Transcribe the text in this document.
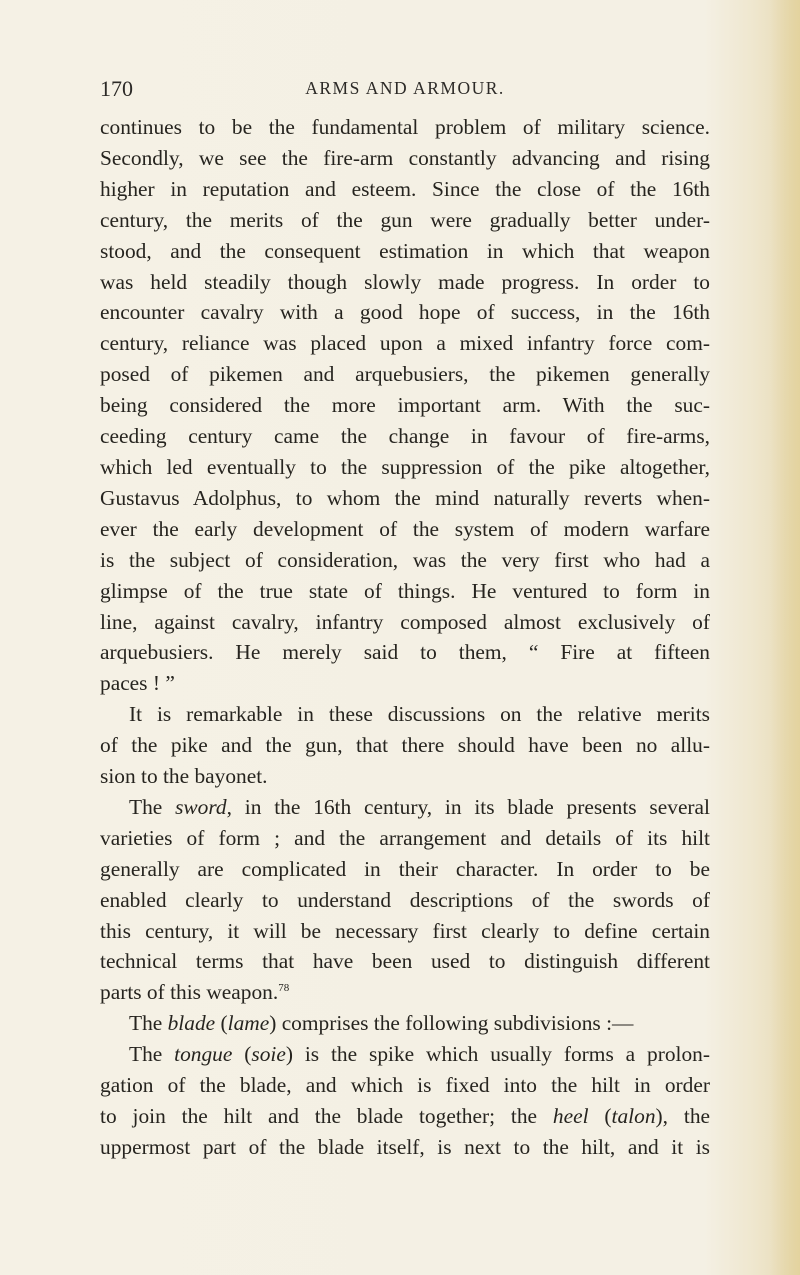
170	ARMS AND ARMOUR.

continues to be the fundamental problem of military science.

Secondly, we see the fire-arm constantly advancing and rising

higher in reputation and esteem. Since the close of the 16th

century, the merits of the gun were gradually better under-

stood, and the consequent estimation in which that weapon

was held steadily though slowly made progress. In order to

encounter cavalry with a good hope of success, in the 16th

century, reliance was placed upon a mixed infantry force com-

posed of pikemen and arquebusiers, the pikemen generally

being considered the more important arm. With the suc-

ceeding century came the change in favour of fire-arms,

which led eventually to the suppression of the pike altogether,

Gustavus Adolphus, to whom the mind naturally reverts when-

ever the early development of the system of modern warfare

is the subject of consideration, was the very first who had a

glimpse of the true state of things. He ventured to form in

line, against cavalry, infantry composed almost exclusively of

arquebusiers. He merely said to them, “ Fire at fifteen

paces ! ”

It is remarkable in these discussions on the relative merits

of the pike and the gun, that there should have been no allu-

sion to the bayonet.

The sword, in the 16th century, in its blade presents several

varieties of form ; and the arrangement and details of its hilt

generally are complicated in their character. In order to be

enabled clearly to understand descriptions of the swords of

this century, it will be necessary first clearly to define certain

technical terms that have been used to distinguish different

parts of this weapon.$^{78}$

The blade (lame) comprises the following subdivisions :—

The tongue (soie) is the spike which usually forms a prolon-

gation of the blade, and which is fixed into the hilt in order

to join the hilt and the blade together; the heel (talon), the

uppermost part of the blade itself, is next to the hilt, and it is
